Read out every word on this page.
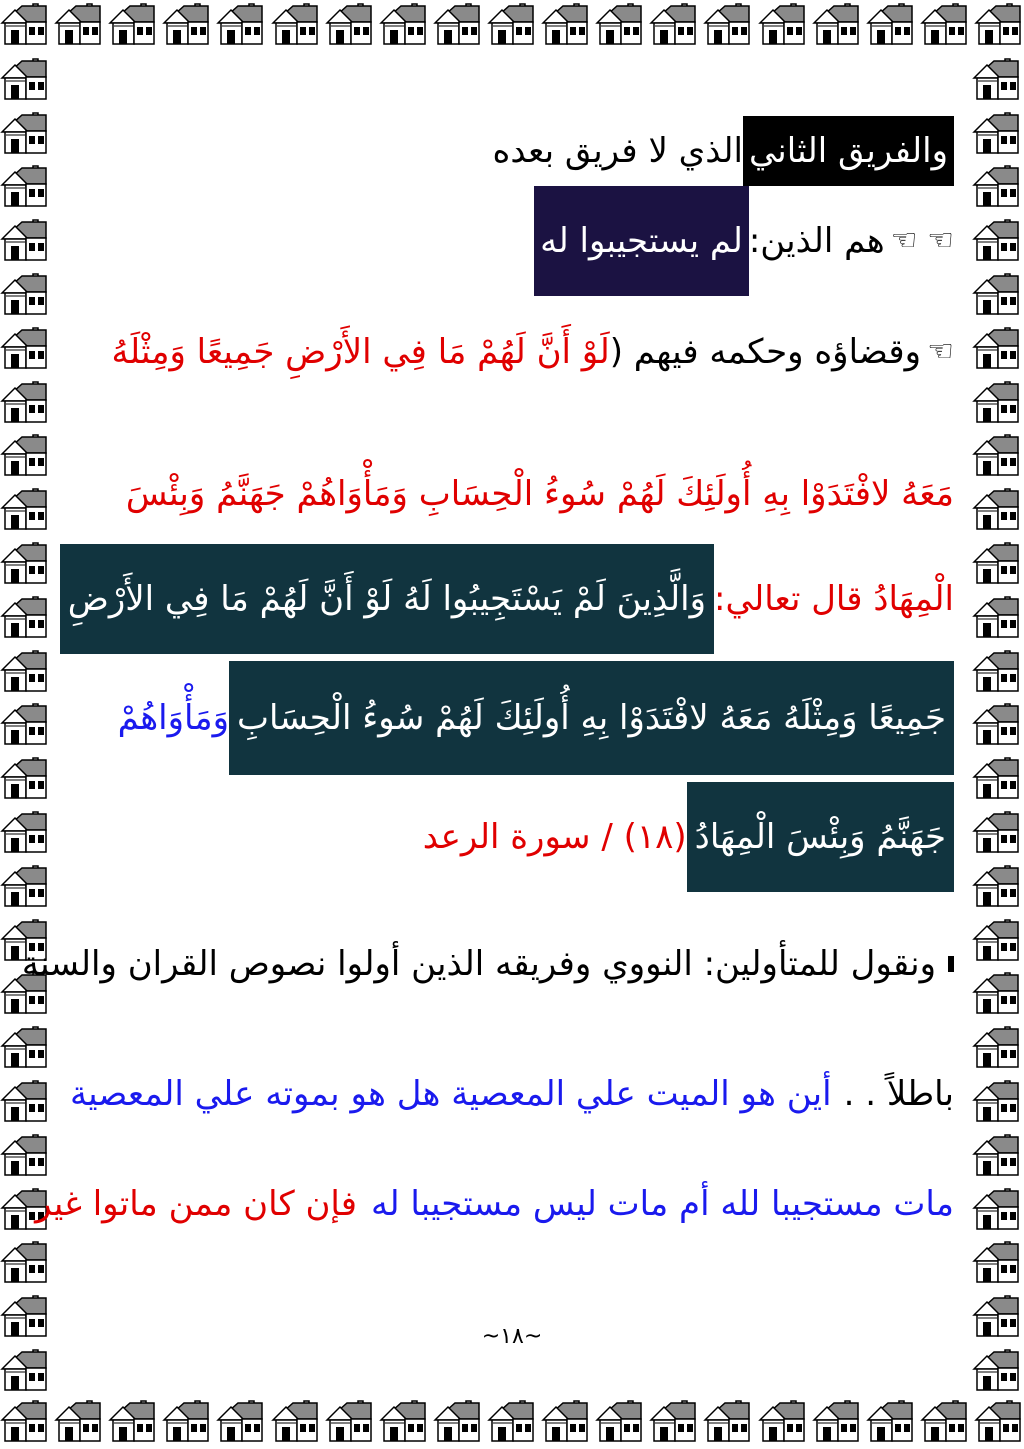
والفريق الثاني
الذي لا فريق بعده
☜ ☜
هم الذين:
لم يستجيبوا له
☜
وقضاؤه وحكمه فيهم (
لَوْ أَنَّ لَهُمْ مَا فِي الأَرْضِ جَمِيعًا وَمِثْلَهُ
مَعَهُ لافْتَدَوْا بِهِ أُولَئِكَ لَهُمْ سُوءُ الْحِسَابِ وَمَأْوَاهُمْ جَهَنَّمُ وَبِئْسَ
الْمِهَادُ قال تعالي:
وَالَّذِينَ لَمْ يَسْتَجِيبُوا لَهُ لَوْ أَنَّ لَهُمْ مَا فِي الأَرْضِ
جَمِيعًا وَمِثْلَهُ مَعَهُ لافْتَدَوْا بِهِ أُولَئِكَ لَهُمْ سُوءُ الْحِسَابِ
وَمَأْوَاهُمْ
جَهَنَّمُ وَبِئْسَ الْمِهَادُ
(١٨) / سورة الرعد
ونقول للمتأولين: النووي وفريقه الذين أولوا نصوص القران والسنة
باطلاً . .
أين هو الميت علي المعصية هل هو بموته علي المعصية
مات مستجيبا لله أم مات ليس مستجيبا له
فإن كان ممن ماتوا غير
~١٨~
